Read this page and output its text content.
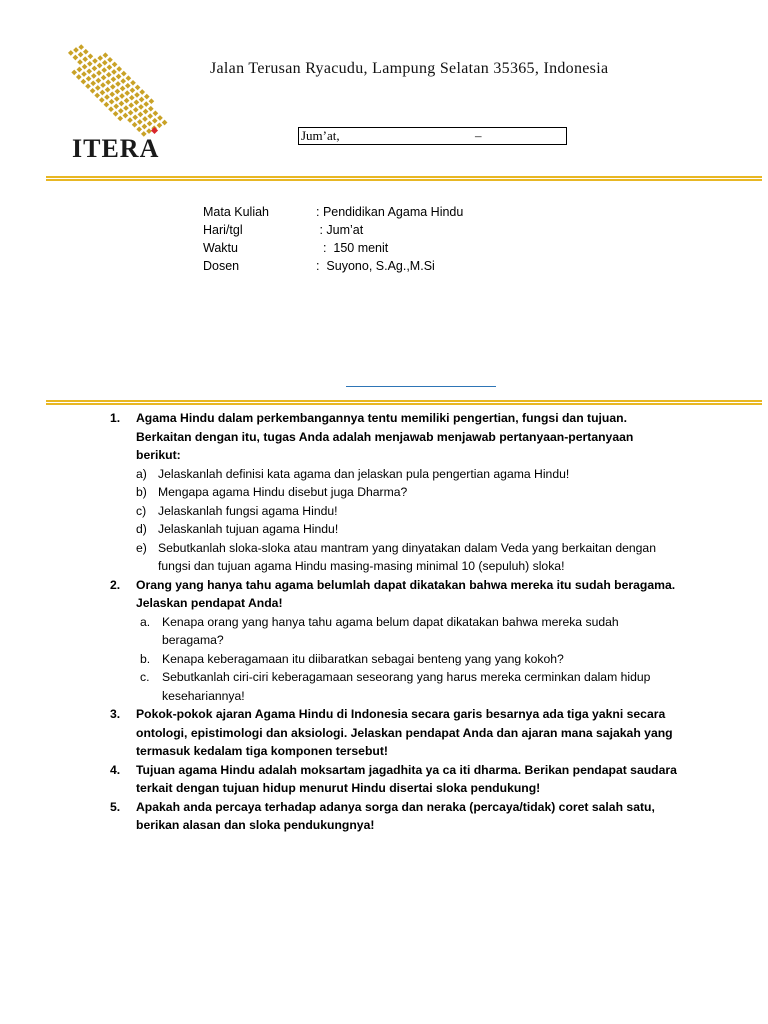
ITERA
Jalan Terusan Ryacudu, Lampung Selatan 35365, Indonesia
Jum’at,	–
Mata Kuliah	: Pendidikan Agama Hindu
Hari/tgl	: Jum’at
Waktu	:  150 menit
Dosen	:  Suyono, S.Ag.,M.Si
1. Agama Hindu dalam perkembangannya tentu memiliki pengertian, fungsi dan tujuan. Berkaitan dengan itu, tugas Anda adalah menjawab menjawab pertanyaan-pertanyaan berikut:
a) Jelaskanlah definisi kata agama dan jelaskan pula pengertian agama Hindu!
b) Mengapa agama Hindu disebut juga Dharma?
c) Jelaskanlah fungsi agama Hindu!
d) Jelaskanlah tujuan agama Hindu!
e) Sebutkanlah sloka-sloka atau mantram yang dinyatakan dalam Veda yang berkaitan dengan fungsi dan tujuan agama Hindu masing-masing minimal 10 (sepuluh) sloka!
2. Orang yang hanya tahu agama belumlah dapat dikatakan bahwa mereka itu sudah beragama. Jelaskan pendapat Anda!
a. Kenapa orang yang hanya tahu agama belum dapat dikatakan bahwa mereka sudah beragama?
b. Kenapa keberagamaan itu diibaratkan sebagai benteng yang yang kokoh?
c. Sebutkanlah ciri-ciri keberagamaan seseorang yang harus mereka cerminkan dalam hidup kesehariannya!
3. Pokok-pokok ajaran Agama Hindu di Indonesia secara garis besarnya ada tiga yakni secara ontologi, epistimologi dan aksiologi. Jelaskan pendapat Anda dan ajaran mana sajakah yang termasuk kedalam tiga komponen tersebut!
4. Tujuan agama Hindu adalah moksartam jagadhita ya ca iti dharma. Berikan pendapat saudara terkait dengan tujuan hidup menurut Hindu disertai sloka pendukung!
5. Apakah anda percaya terhadap adanya sorga dan neraka (percaya/tidak) coret salah satu, berikan alasan dan sloka pendukungnya!
